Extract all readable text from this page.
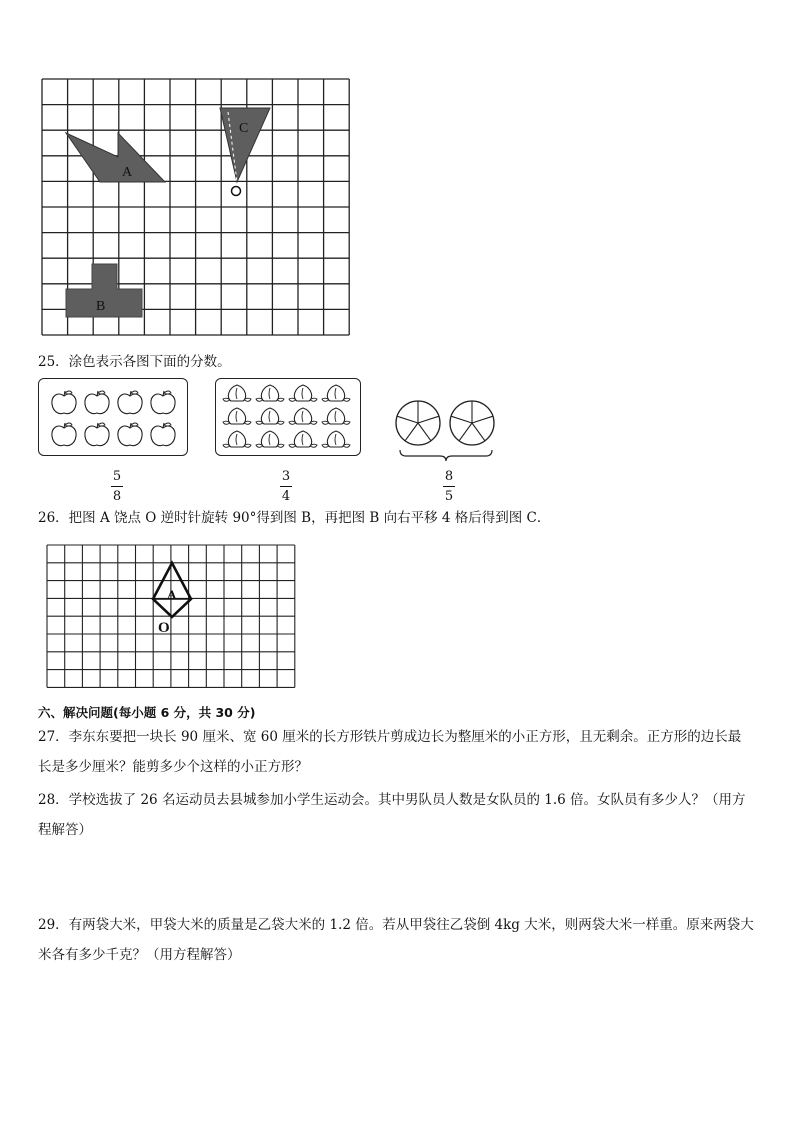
A
C
B
25．涂色表示各图下面的分数。
5
8
3
4
8
5
26．把图 A 饶点 O 逆时针旋转 90°得到图 B，再把图 B 向右平移 4 格后得到图 C．
A
O
六、解决问题(每小题 6 分，共 30 分)
27．李东东要把一块长 90 厘米、宽 60 厘米的长方形铁片剪成边长为整厘米的小正方形，且无剩余。正方形的边长最
长是多少厘米？能剪多少个这样的小正方形？
28．学校选拔了 26 名运动员去县城参加小学生运动会。其中男队员人数是女队员的 1.6 倍。女队员有多少人？（用方
程解答）
29．有两袋大米，甲袋大米的质量是乙袋大米的 1.2 倍。若从甲袋往乙袋倒 4kg 大米，则两袋大米一样重。原来两袋大
米各有多少千克？（用方程解答）
